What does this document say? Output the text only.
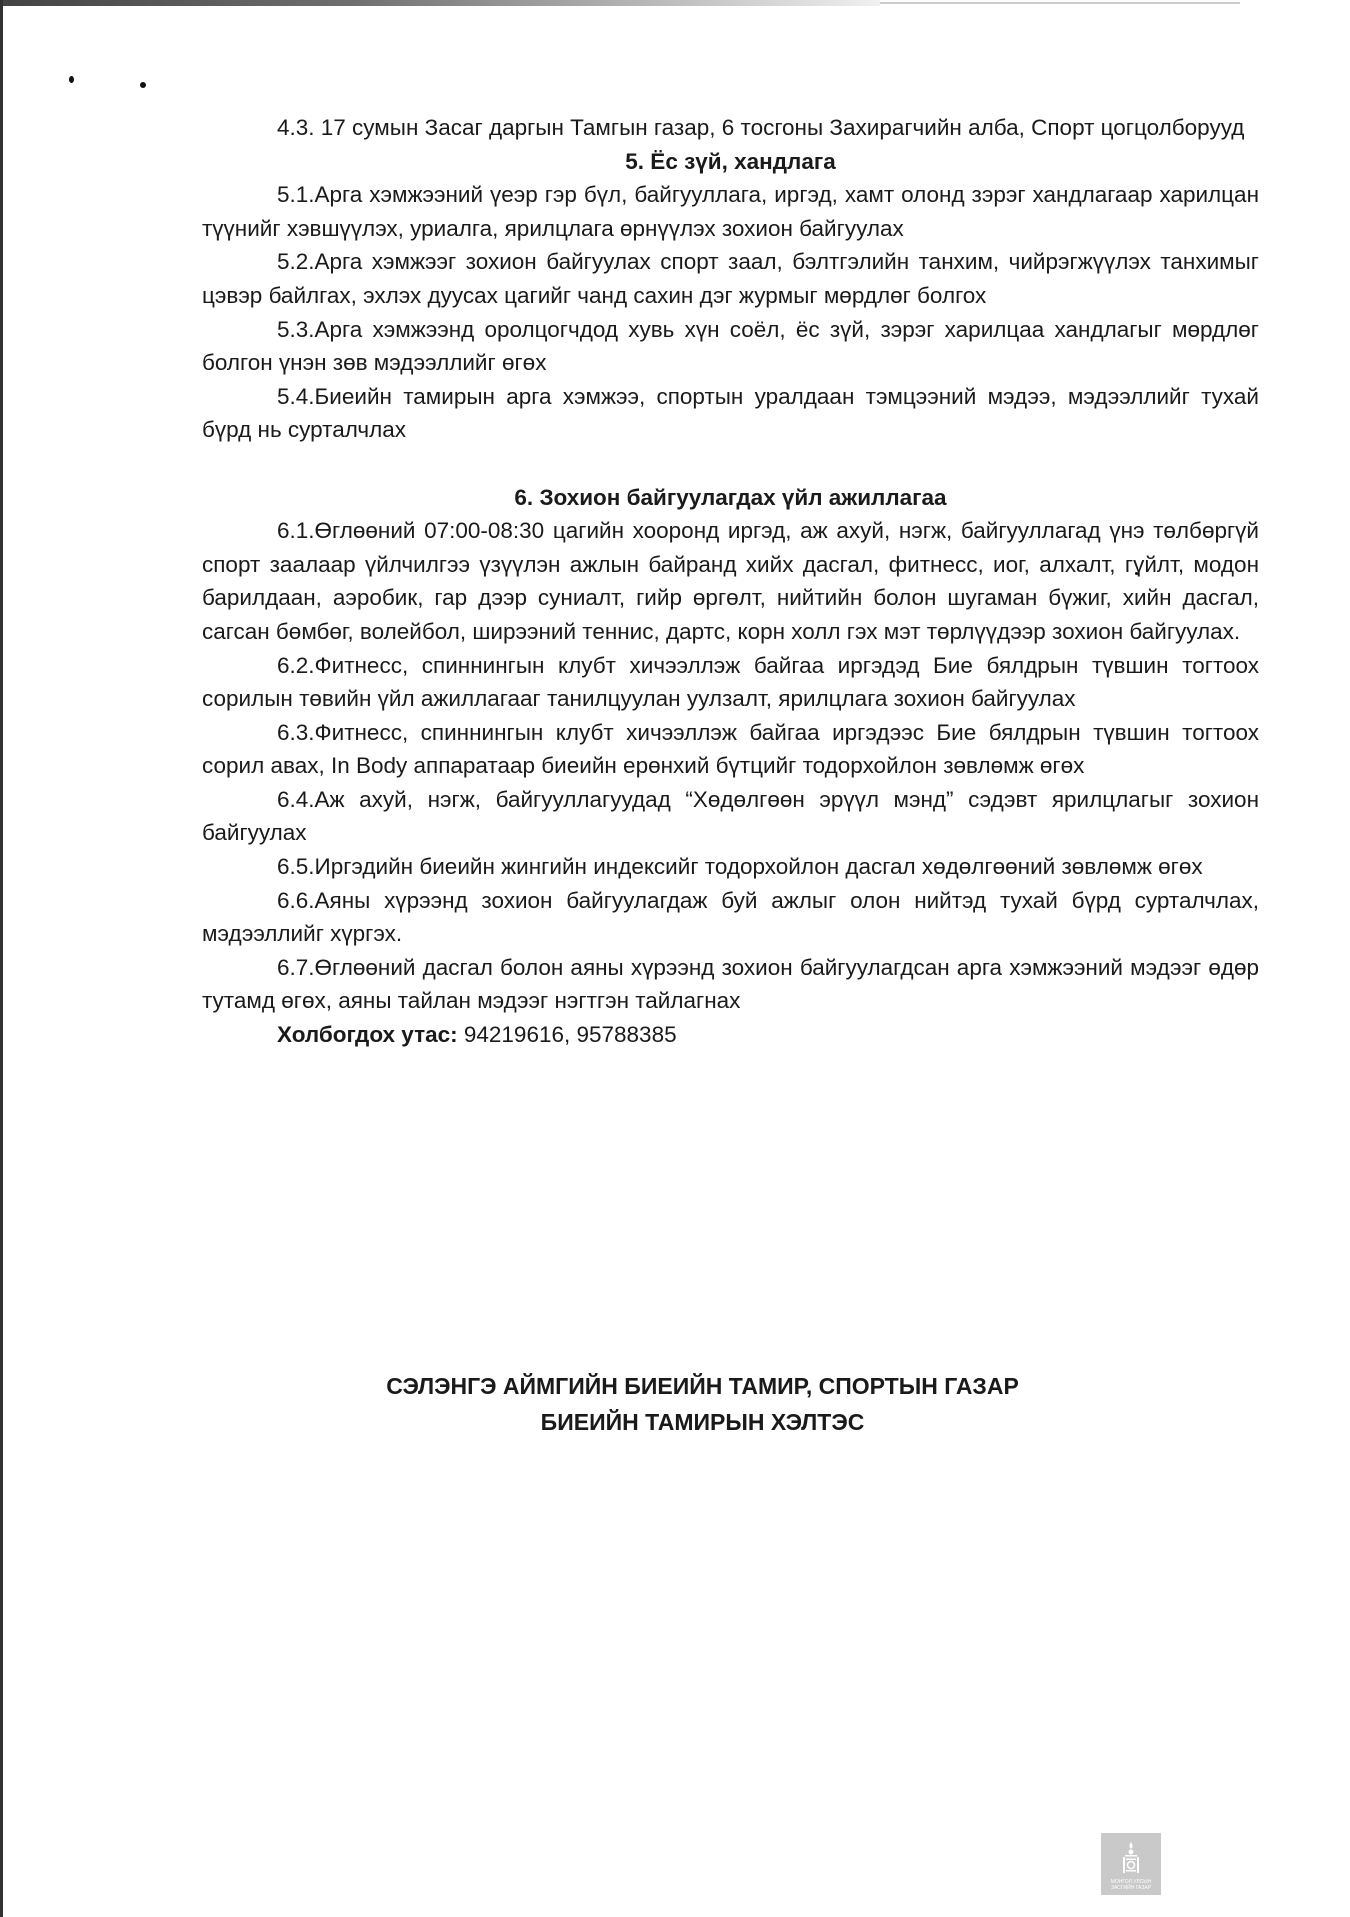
4.3. 17 сумын Засаг даргын Тамгын газар, 6 тосгоны Захирагчийн алба, Спорт цогцолборууд

5. Ёс зүй, хандлага

5.1.Арга хэмжээний үеэр гэр бүл, байгууллага, иргэд, хамт олонд зэрэг хандлагаар харилцан түүнийг хэвшүүлэх, уриалга, ярилцлага өрнүүлэх зохион байгуулах

5.2.Арга хэмжээг зохион байгуулах спорт заал, бэлтгэлийн танхим, чийрэгжүүлэх танхимыг цэвэр байлгах, эхлэх дуусах цагийг чанд сахин дэг журмыг мөрдлөг болгох

5.3.Арга хэмжээнд оролцогчдод хувь хүн соёл, ёс зүй, зэрэг харилцаа хандлагыг мөрдлөг болгон үнэн зөв мэдээллийг өгөх

5.4.Биеийн тамирын арга хэмжээ, спортын уралдаан тэмцээний мэдээ, мэдээллийг тухай бүрд нь сурталчлах

6. Зохион байгуулагдах үйл ажиллагаа

6.1.Өглөөний 07:00-08:30 цагийн хооронд иргэд, аж ахуй, нэгж, байгууллагад үнэ төлбөргүй спорт заалаар үйлчилгээ үзүүлэн ажлын байранд хийх дасгал, фитнесс, иог, алхалт, гүйлт, модон барилдаан, аэробик, гар дээр суниалт, гийр өргөлт, нийтийн болон шугаман бүжиг, хийн дасгал, сагсан бөмбөг, волейбол, ширээний теннис, дартс, корн холл гэх мэт төрлүүдээр зохион байгуулах.

6.2.Фитнесс, спиннингын клубт хичээллэж байгаа иргэдэд Бие бялдрын түвшин тогтоох сорилын төвийн үйл ажиллагааг танилцуулан уулзалт, ярилцлага зохион байгуулах

6.3.Фитнесс, спиннингын клубт хичээллэж байгаа иргэдээс Бие бялдрын түвшин тогтоох сорил авах, In Body аппаратаар биеийн ерөнхий бүтцийг тодорхойлон зөвлөмж өгөх

6.4.Аж ахуй, нэгж, байгууллагуудад “Хөдөлгөөн эрүүл мэнд” сэдэвт ярилцлагыг зохион байгуулах

6.5.Иргэдийн биеийн жингийн индексийг тодорхойлон дасгал хөдөлгөөний зөвлөмж өгөх

6.6.Аяны хүрээнд зохион байгуулагдаж буй ажлыг олон нийтэд тухай бүрд сурталчлах, мэдээллийг хүргэх.

6.7.Өглөөний дасгал болон аяны хүрээнд зохион байгуулагдсан арга хэмжээний мэдээг өдөр тутамд өгөх, аяны тайлан мэдээг нэгтгэн тайлагнах

Холбогдох утас: 94219616, 95788385
СЭЛЭНГЭ АЙМГИЙН БИЕИЙН ТАМИР, СПОРТЫН ГАЗАР
БИЕИЙН ТАМИРЫН ХЭЛТЭС
МОНГОЛ УЛСЫН
ЗАСГИЙН ГАЗАР
